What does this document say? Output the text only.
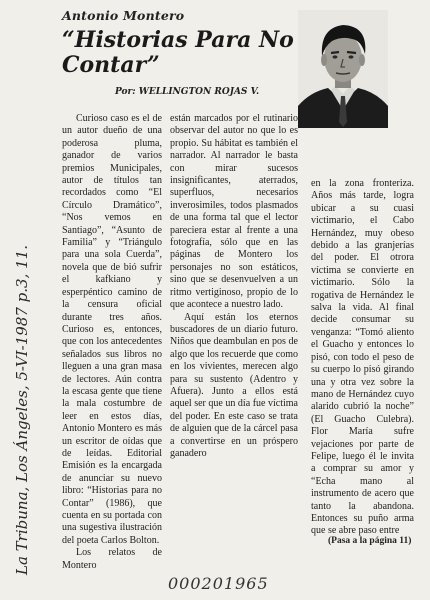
Antonio Montero
“Historias Para No Contar”
Por: WELLINGTON ROJAS V.

Curioso caso es el de un autor dueño de una poderosa pluma, ganador de varios premios Municipales, autor de títulos tan recordados como “El Círculo Dramático”, “Nos vemos en Santiago”, “Asunto de Familia” y “Triángulo para una sola Cuerda”, novela que de bió sufrir el kafkiano y esperpéntico camino de la censura oficial durante tres años. Curioso es, entonces, que con los antecedentes señalados sus libros no lleguen a una gran masa de lectores. Aún contra la escasa gente que tiene la mala costumbre de leer en estos días, Antonio Montero es más un escritor de oídas que de leídas. Editorial Emisión es la encargada de anunciar su nuevo libro: “Historias para no Contar” (1986), que cuenta en su portada con una sugestiva ilustración del poeta Carlos Bolton.

Los relatos de Montero

están marcados por el rutinario observar del autor no que lo es propio. Su hábitat es también el narrador. Al narrador le basta con mirar sucesos insignificantes, aterrados, superfluos, necesarios inverosimiles, todos plasmados de una forma tal que el lector pareciera estar al frente a una fotografía, sólo que en las páginas de Montero los personajes no son estáticos, sino que se desenvuelven a un ritmo vertiginoso, propio de lo que acontece a nuestro lado.

Aquí están los eternos buscadores de un diario futuro. Niños que deambulan en pos de algo que los recuerde que como en los vivientes, merecen algo para su sustento (Adentro y Afuera). Junto a ellos está aquel ser que un día fue víctima del poder. En este caso se trata de alguien que de la cárcel pasa a convertirse en un próspero ganadero

en la zona fronteriza. Años más tarde, logra ubicar a su cuasi victimario, el Cabo Hernández, muy obeso debido a las granjerías del poder. El otrora víctima se convierte en victimario. Sólo la rogativa de Hernández le salva la vida. Al final decide consumar su venganza: “Tomó aliento el Guacho y entonces lo pisó, con todo el peso de su cuerpo lo pisó girando una y otra vez sobre la mano de Hernández cuyo alarido cubrió la noche” (El Guacho Culebra). Flor María sufre vejaciones por parte de Felipe, luego él le invita a comprar su amor y “Echa mano al instrumento de acero que tanto la abandona. Entonces su puño arma que se abre paso entre

(Pasa a la página 11)
La Tribuna, Los Ángeles, 5-VI-1987 p.3, 11.
000201965
